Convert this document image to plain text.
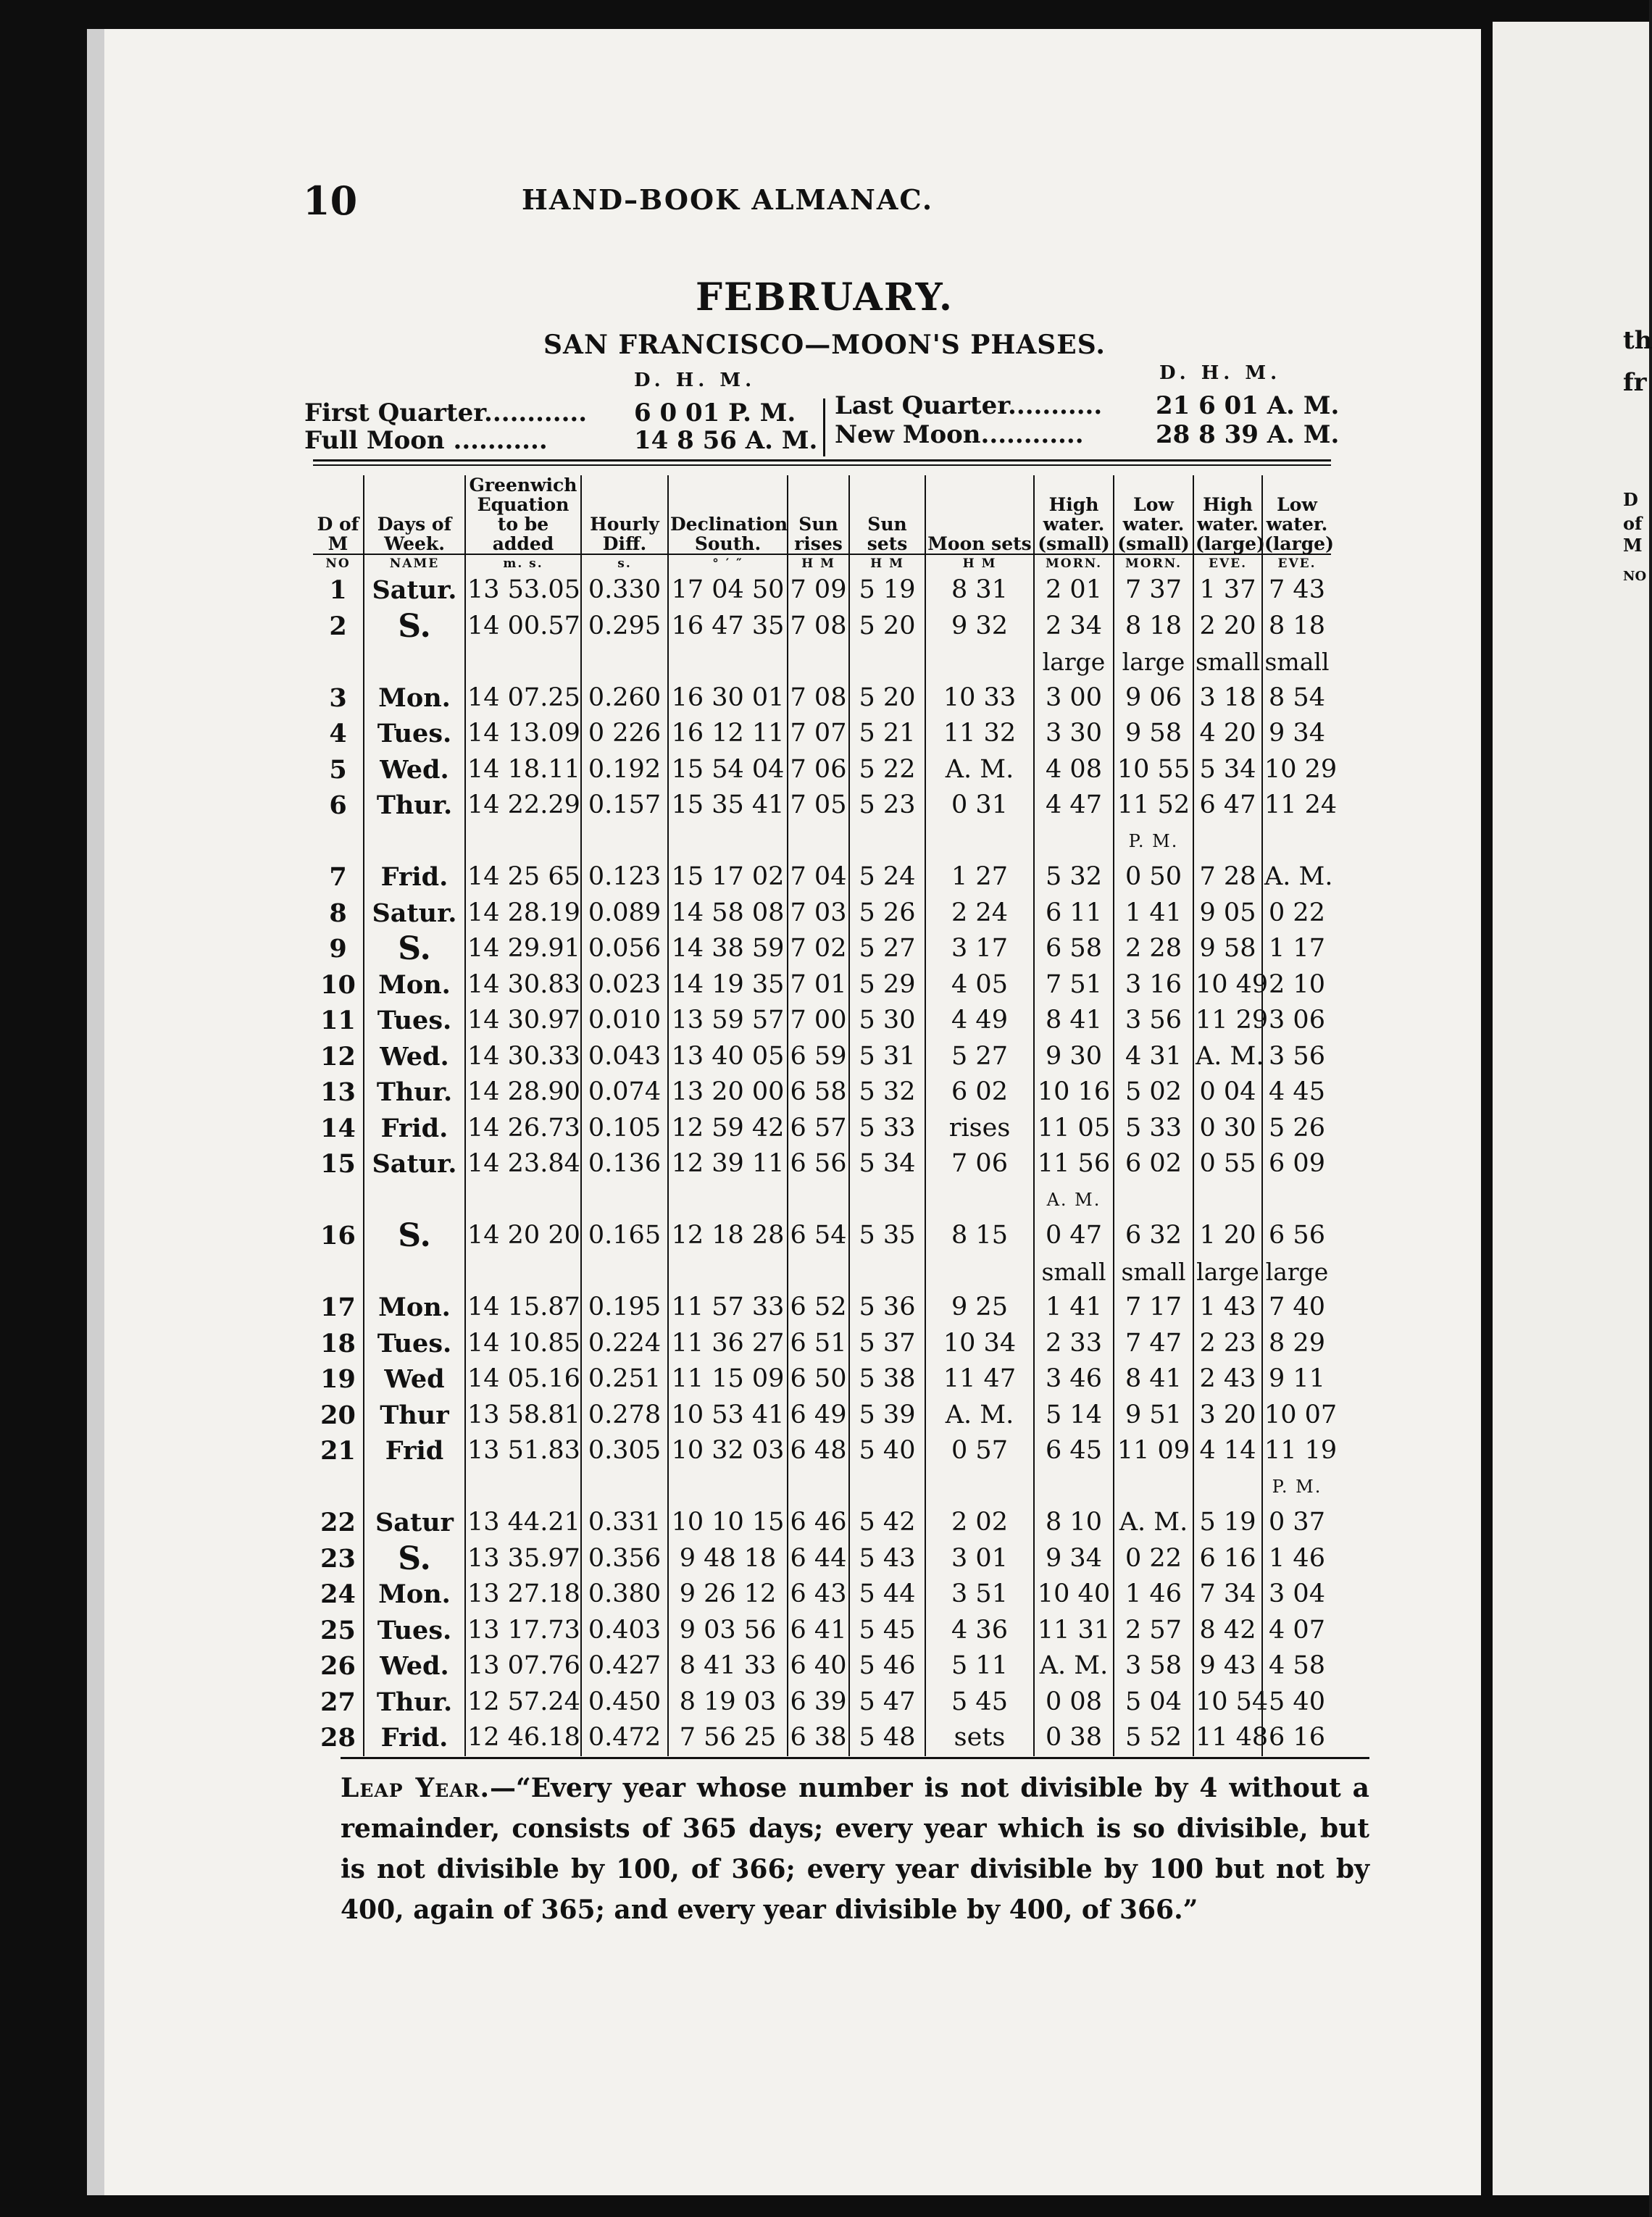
th
fr
D
of
M
NO
10	HAND–BOOK ALMANAC.
FEBRUARY.
SAN FRANCISCO—MOON'S PHASES.
D. H. M.	D. H. M.
First Quarter............ 6 0 01 P. M.
Full Moon ...........	14 8 56 A. M.
Last Quarter........... 21 6 01 A. M.
New Moon............	28 8 39 A. M.
D of M	Days of Week.	Greenwich Equation to be added	Hourly Diff.	Declination South.	Sun rises	Sun sets	Moon sets	High water. (small)	Low water. (small)	High water. (large)	Low water. (large)
NO	NAME	m. s.	s.	° ′ ″	H M	H M	H M	MORN.	MORN.	EVE.	EVE.
1	Satur.	13 53.05	0.330	17 04 50	7 09	5 19	8 31	2 01	7 37	1 37	7 43
2	S.	14 00.57	0.295	16 47 35	7 08	5 20	9 32	2 34	8 18	2 20	8 18
								large	large	small	small
3	Mon.	14 07.25	0.260	16 30 01	7 08	5 20	10 33	3 00	9 06	3 18	8 54
4	Tues.	14 13.09	0 226	16 12 11	7 07	5 21	11 32	3 30	9 58	4 20	9 34
5	Wed.	14 18.11	0.192	15 54 04	7 06	5 22	A. M.	4 08	10 55	5 34	10 29
6	Thur.	14 22.29	0.157	15 35 41	7 05	5 23	0 31	4 47	11 52	6 47	11 24
									P. M.		
7	Frid.	14 25 65	0.123	15 17 02	7 04	5 24	1 27	5 32	0 50	7 28	A. M.
8	Satur.	14 28.19	0.089	14 58 08	7 03	5 26	2 24	6 11	1 41	9 05	0 22
9	S.	14 29.91	0.056	14 38 59	7 02	5 27	3 17	6 58	2 28	9 58	1 17
10	Mon.	14 30.83	0.023	14 19 35	7 01	5 29	4 05	7 51	3 16	10 49	2 10
11	Tues.	14 30.97	0.010	13 59 57	7 00	5 30	4 49	8 41	3 56	11 29	3 06
12	Wed.	14 30.33	0.043	13 40 05	6 59	5 31	5 27	9 30	4 31	A. M.	3 56
13	Thur.	14 28.90	0.074	13 20 00	6 58	5 32	6 02	10 16	5 02	0 04	4 45
14	Frid.	14 26.73	0.105	12 59 42	6 57	5 33	rises	11 05	5 33	0 30	5 26
15	Satur.	14 23.84	0.136	12 39 11	6 56	5 34	7 06	11 56	6 02	0 55	6 09
								A. M.			
16	S.	14 20 20	0.165	12 18 28	6 54	5 35	8 15	0 47	6 32	1 20	6 56
								small	small	large	large
17	Mon.	14 15.87	0.195	11 57 33	6 52	5 36	9 25	1 41	7 17	1 43	7 40
18	Tues.	14 10.85	0.224	11 36 27	6 51	5 37	10 34	2 33	7 47	2 23	8 29
19	Wed	14 05.16	0.251	11 15 09	6 50	5 38	11 47	3 46	8 41	2 43	9 11
20	Thur	13 58.81	0.278	10 53 41	6 49	5 39	A. M.	5 14	9 51	3 20	10 07
21	Frid	13 51.83	0.305	10 32 03	6 48	5 40	0 57	6 45	11 09	4 14	11 19
											P. M.
22	Satur	13 44.21	0.331	10 10 15	6 46	5 42	2 02	8 10	A. M.	5 19	0 37
23	S.	13 35.97	0.356	9 48 18	6 44	5 43	3 01	9 34	0 22	6 16	1 46
24	Mon.	13 27.18	0.380	9 26 12	6 43	5 44	3 51	10 40	1 46	7 34	3 04
25	Tues.	13 17.73	0.403	9 03 56	6 41	5 45	4 36	11 31	2 57	8 42	4 07
26	Wed.	13 07.76	0.427	8 41 33	6 40	5 46	5 11	A. M.	3 58	9 43	4 58
27	Thur.	12 57.24	0.450	8 19 03	6 39	5 47	5 45	0 08	5 04	10 54	5 40
28	Frid.	12 46.18	0.472	7 56 25	6 38	5 48	sets	0 38	5 52	11 48	6 16
Leap Year.—“Every year whose number is not divisible by 4 without a remainder, consists of 365 days; every year which is so divisible, but is not divisible by 100, of 366; every year divisible by 100 but not by 400, again of 365; and every year divisible by 400, of 366.”
